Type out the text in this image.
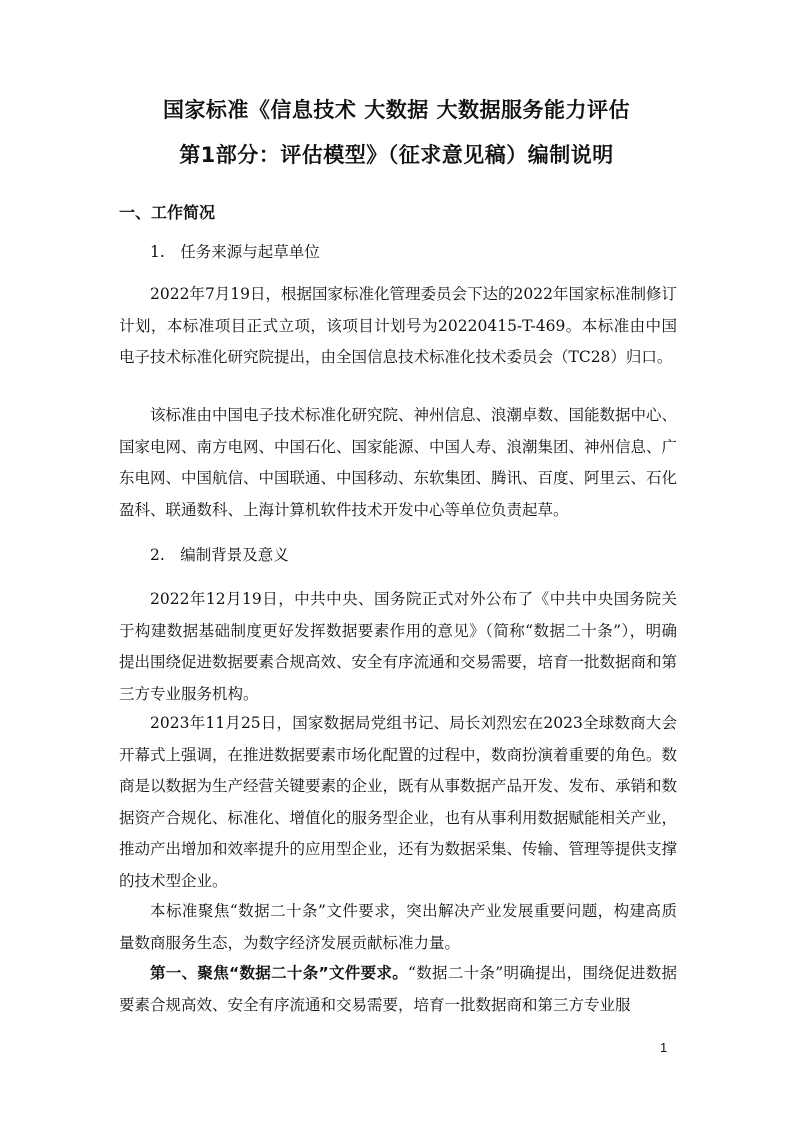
国家标准《信息技术 大数据 大数据服务能力评估
第1部分：评估模型》（征求意见稿）编制说明
一、工作简况
1.　任务来源与起草单位

2022年7月19日，根据国家标准化管理委员会下达的2022年国家标准制修订计划，本标准项目正式立项，该项目计划号为20220415-T-469。本标准由中国电子技术标准化研究院提出，由全国信息技术标准化技术委员会（TC28）归口。

该标准由中国电子技术标准化研究院、神州信息、浪潮卓数、国能数据中心、国家电网、南方电网、中国石化、国家能源、中国人寿、浪潮集团、神州信息、广东电网、中国航信、中国联通、中国移动、东软集团、腾讯、百度、阿里云、石化盈科、联通数科、上海计算机软件技术开发中心等单位负责起草。

2.　编制背景及意义

2022年12月19日，中共中央、国务院正式对外公布了《中共中央国务院关于构建数据基础制度更好发挥数据要素作用的意见》（简称“数据二十条”），明确提出围绕促进数据要素合规高效、安全有序流通和交易需要，培育一批数据商和第三方专业服务机构。

2023年11月25日，国家数据局党组书记、局长刘烈宏在2023全球数商大会开幕式上强调，在推进数据要素市场化配置的过程中，数商扮演着重要的角色。数商是以数据为生产经营关键要素的企业，既有从事数据产品开发、发布、承销和数据资产合规化、标准化、增值化的服务型企业，也有从事利用数据赋能相关产业，推动产出增加和效率提升的应用型企业，还有为数据采集、传输、管理等提供支撑的技术型企业。

本标准聚焦“数据二十条”文件要求，突出解决产业发展重要问题，构建高质量数商服务生态，为数字经济发展贡献标准力量。

第一、聚焦“数据二十条”文件要求。“数据二十条”明确提出，围绕促进数据要素合规高效、安全有序流通和交易需要，培育一批数据商和第三方专业服

1
